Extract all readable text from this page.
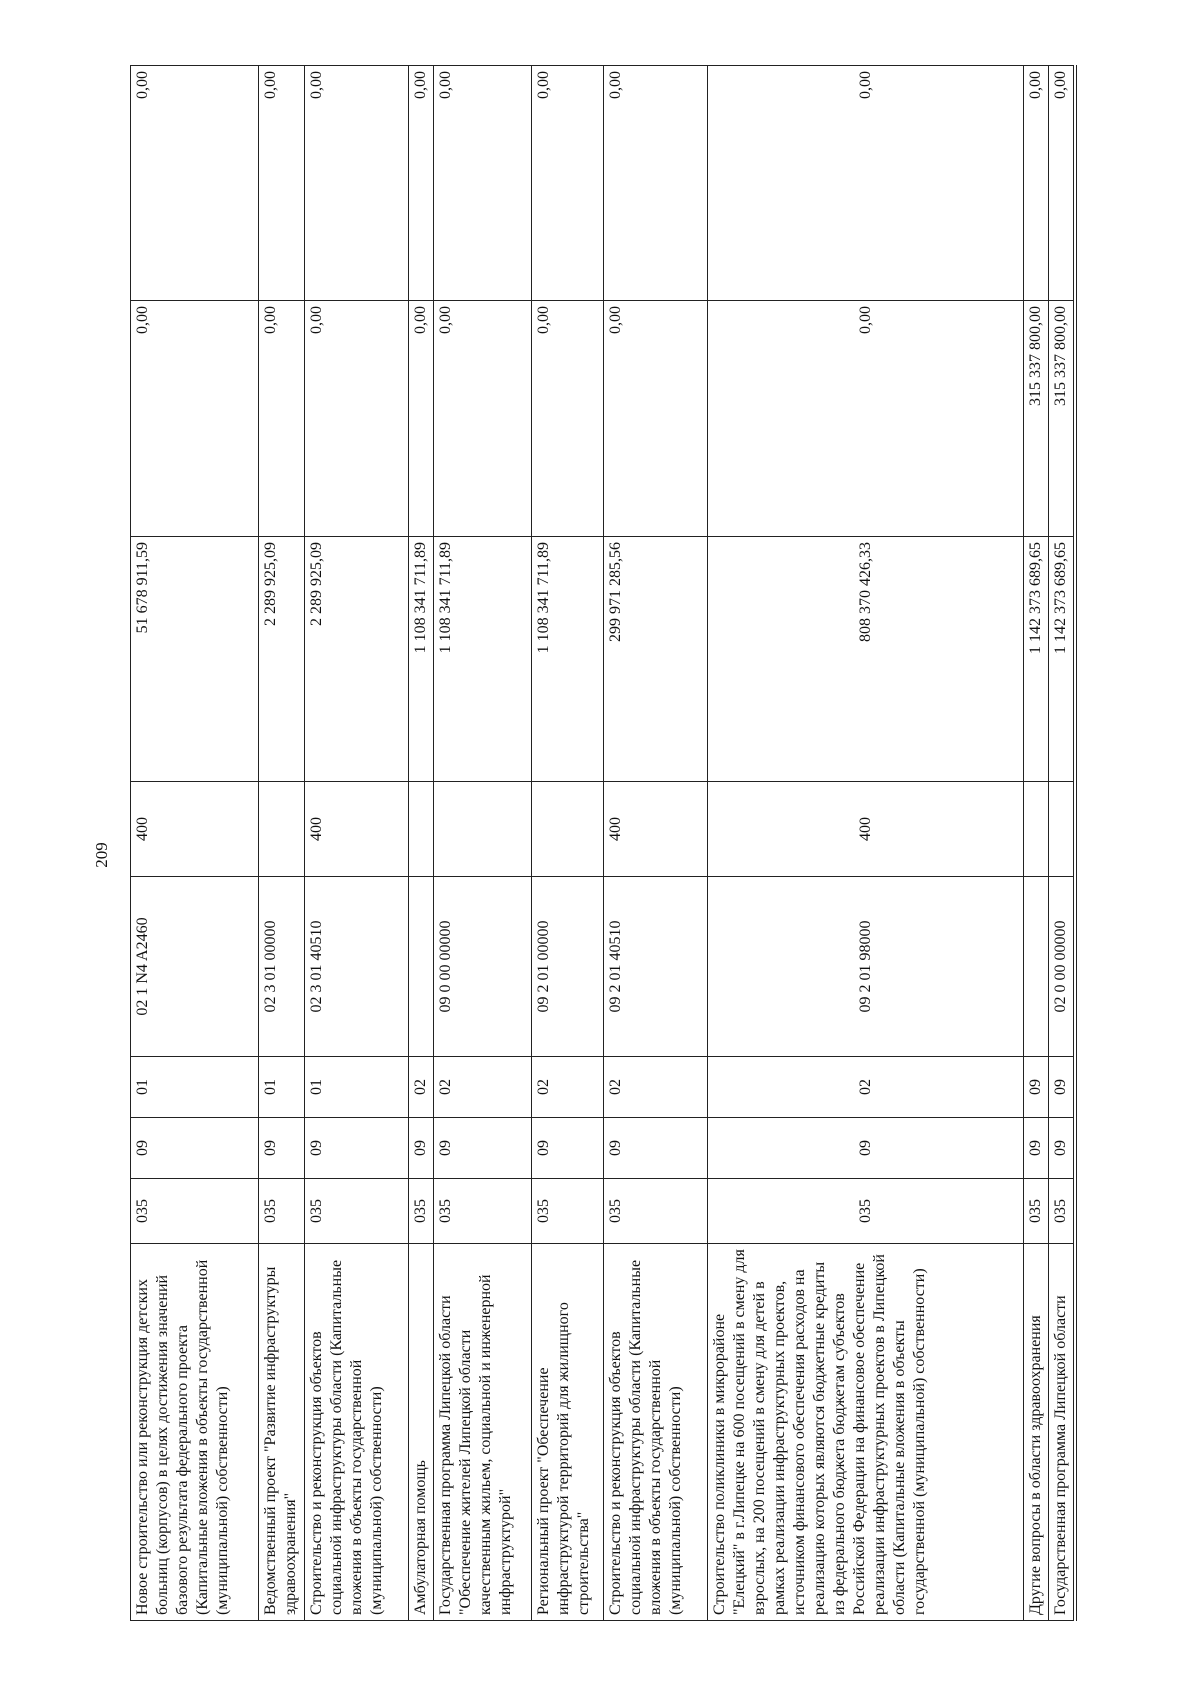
209
Новое строительство или реконструкция детских больниц (корпусов) в целях достижения значений базового результата федерального проекта (Капитальные вложения в объекты государственной (муниципальной) собственности)	035	09	01	02 1 N4 A2460	400	51 678 911,59	0,00	0,00
Ведомственный проект "Развитие инфраструктуры здравоохранения"	035	09	01	02 3 01 00000		2 289 925,09	0,00	0,00
Строительство и реконструкция объектов социальной инфраструктуры области (Капитальные вложения в объекты государственной (муниципальной) собственности)	035	09	01	02 3 01 40510	400	2 289 925,09	0,00	0,00
Амбулаторная помощь	035	09	02			1 108 341 711,89	0,00	0,00
Государственная программа Липецкой области "Обеспечение жителей Липецкой области качественным жильем, социальной и инженерной инфраструктурой"	035	09	02	09 0 00 00000		1 108 341 711,89	0,00	0,00
Региональный проект "Обеспечение инфраструктурой территорий для жилищного строительства"	035	09	02	09 2 01 00000		1 108 341 711,89	0,00	0,00
Строительство и реконструкция объектов социальной инфраструктуры области (Капитальные вложения в объекты государственной (муниципальной) собственности)	035	09	02	09 2 01 40510	400	299 971 285,56	0,00	0,00
Строительство поликлиники в микрорайоне "Елецкий" в г.Липецке на 600 посещений в смену для взрослых, на 200 посещений в смену для детей в рамках реализации инфраструктурных проектов, источником финансового обеспечения расходов на реализацию которых являются бюджетные кредиты из федерального бюджета бюджетам субъектов Российской Федерации на финансовое обеспечение реализации инфраструктурных проектов в Липецкой области (Капитальные вложения в объекты государственной (муниципальной) собственности)	035	09	02	09 2 01 98000	400	808 370 426,33	0,00	0,00
Другие вопросы в области здравоохранения	035	09	09			1 142 373 689,65	315 337 800,00	0,00
Государственная программа Липецкой области	035	09	09	02 0 00 00000		1 142 373 689,65	315 337 800,00	0,00
